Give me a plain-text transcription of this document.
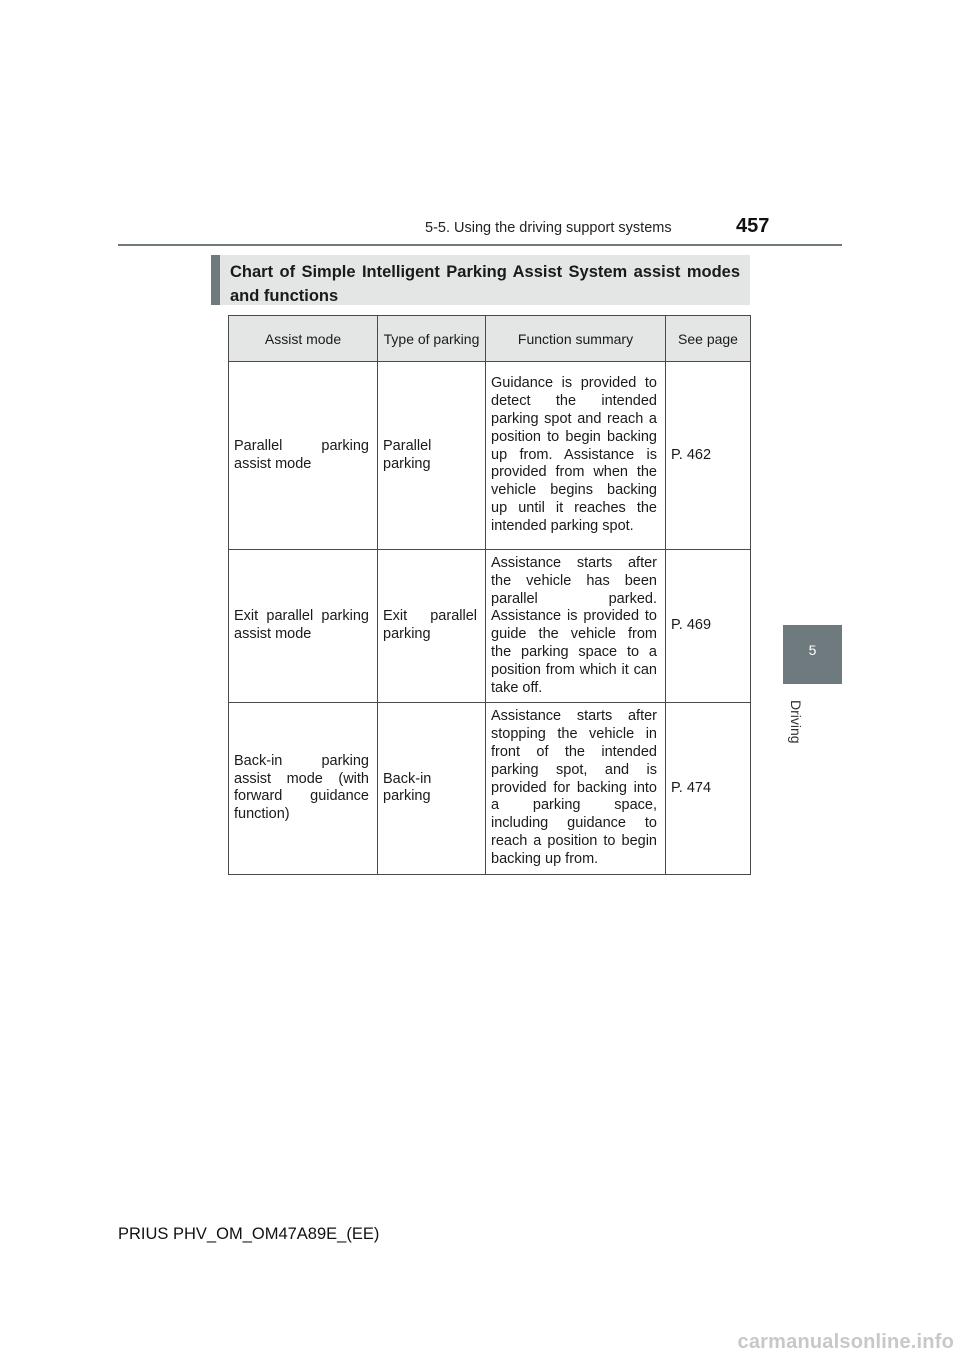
5-5. Using the driving support systems	457
5
Driving
Chart of Simple Intelligent Parking Assist System assist modes and functions
Assist mode	Type of parking	Function summary	See page
Parallel parking assist mode	Parallel parking	Guidance is provided to detect the intended parking spot and reach a position to begin backing up from. Assistance is provided from when the vehicle begins backing up until it reaches the intended parking spot.	P. 462
Exit parallel parking assist mode	Exit parallel parking	Assistance starts after the vehicle has been parallel parked. Assistance is provided to guide the vehicle from the parking space to a position from which it can take off.	P. 469
Back-in parking assist mode (with forward guidance function)	Back-in parking	Assistance starts after stopping the vehicle in front of the intended parking spot, and is provided for backing into a parking space, including guidance to reach a position to begin backing up from.	P. 474
PRIUS PHV_OM_OM47A89E_(EE)
carmanualsonline.info
